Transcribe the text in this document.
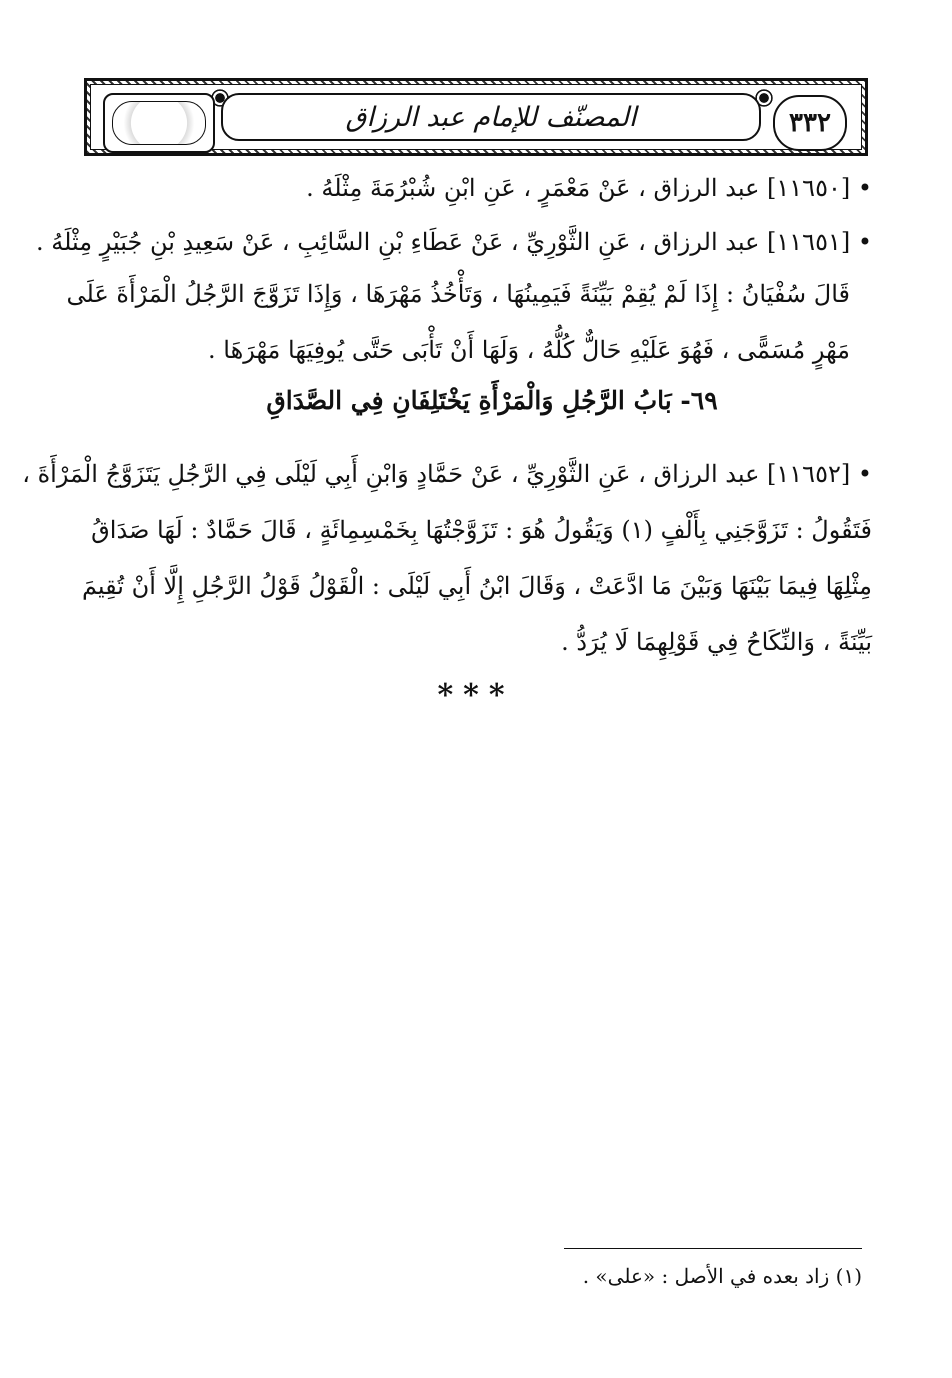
المصنّف للإمام عبد الرزاق	٣٣٢
• [١١٦٥٠] عبد الرزاق ، عَنْ مَعْمَرٍ ، عَنِ ابْنِ شُبْرُمَةَ مِثْلَهُ .
• [١١٦٥١] عبد الرزاق ، عَنِ الثَّوْرِيِّ ، عَنْ عَطَاءِ بْنِ السَّائِبِ ، عَنْ سَعِيدِ بْنِ جُبَيْرٍ مِثْلَهُ .
قَالَ سُفْيَانُ : إِذَا لَمْ يُقِمْ بَيِّنَةً فَيَمِينُهَا ، وَتَأْخُذُ مَهْرَهَا ، وَإِذَا تَزَوَّجَ الرَّجُلُ الْمَرْأَةَ عَلَى
مَهْرٍ مُسَمًّى ، فَهُوَ عَلَيْهِ حَالٌّ كُلُّهُ ، وَلَهَا أَنْ تَأْبَى حَتَّى يُوفِيَهَا مَهْرَهَا .
٦٩- بَابُ الرَّجُلِ وَالْمَرْأَةِ يَخْتَلِفَانِ فِي الصَّدَاقِ
• [١١٦٥٢] عبد الرزاق ، عَنِ الثَّوْرِيِّ ، عَنْ حَمَّادٍ وَابْنِ أَبِي لَيْلَى فِي الرَّجُلِ يَتَزَوَّجُ الْمَرْأَةَ ،
فَتَقُولُ : تَزَوَّجَنِي بِأَلْفٍ (١) وَيَقُولُ هُوَ : تَزَوَّجْتُهَا بِخَمْسِمِائَةٍ ، قَالَ حَمَّادٌ : لَهَا صَدَاقُ
مِثْلِهَا فِيمَا بَيْنَهَا وَبَيْنَ مَا ادَّعَتْ ، وَقَالَ ابْنُ أَبِي لَيْلَى : الْقَوْلُ قَوْلُ الرَّجُلِ إِلَّا أَنْ تُقِيمَ
بَيِّنَةً ، وَالنِّكَاحُ فِي قَوْلِهِمَا لَا يُرَدُّ .
***
(١) زاد بعده في الأصل : «على» .
